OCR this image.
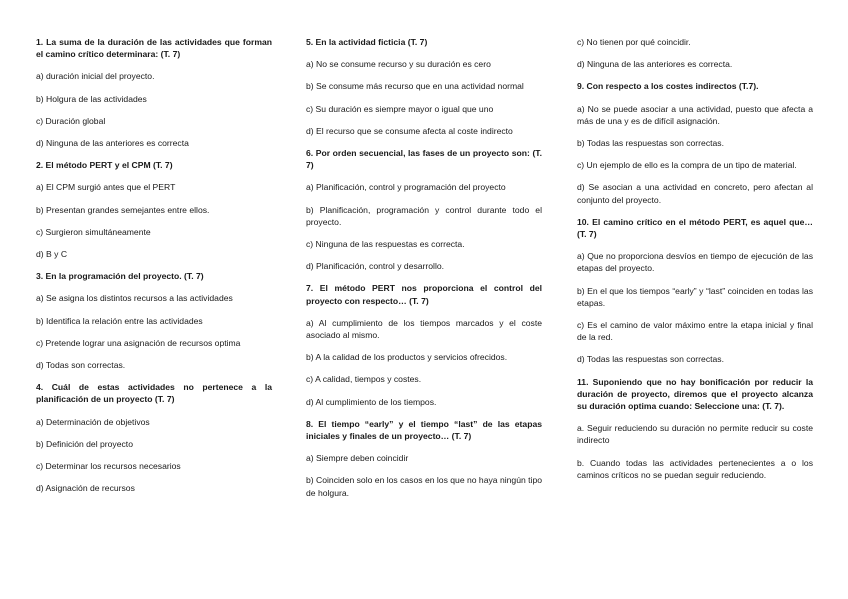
1. La suma de la duración de las actividades que forman el camino crítico determinara: (T. 7)

a) duración inicial del proyecto.

b) Holgura de las actividades

c) Duración global

d) Ninguna de las anteriores es correcta

2. El método PERT y el CPM (T. 7)

a) El CPM surgió antes que el PERT

b) Presentan grandes semejantes entre ellos.

c) Surgieron simultáneamente

d) B y C

3. En la programación del proyecto. (T. 7)

a) Se asigna los distintos recursos a las actividades

b) Identifica la relación entre las actividades

c) Pretende lograr una asignación de recursos optima

d) Todas son correctas.

4. Cuál de estas actividades no pertenece a la planificación de un proyecto (T. 7)

a) Determinación de objetivos

b) Definición del proyecto

c) Determinar los recursos necesarios

d) Asignación de recursos

5. En la actividad ficticia (T. 7)

a) No se consume recurso y su duración es cero

b) Se consume más recurso que en una actividad normal

c) Su duración es siempre mayor o igual que uno

d) El recurso que se consume afecta al coste indirecto

6. Por orden secuencial, las fases de un proyecto son: (T. 7)

a) Planificación, control y programación del proyecto

b) Planificación, programación y control durante todo el proyecto.

c) Ninguna de las respuestas es correcta.

d) Planificación, control y desarrollo.

7. El método PERT nos proporciona el control del proyecto con respecto… (T. 7)

a) Al cumplimiento de los tiempos marcados y el coste asociado al mismo.

b) A la calidad de los productos y servicios ofrecidos.

c) A calidad, tiempos y costes.

d) Al cumplimiento de los tiempos.

8. El tiempo “early” y el tiempo “last” de las etapas iniciales y finales de un proyecto… (T. 7)

a) Siempre deben coincidir

b) Coinciden solo en los casos en los que no haya ningún tipo de holgura.

c) No tienen por qué coincidir.

d) Ninguna de las anteriores es correcta.

9. Con respecto a los costes indirectos (T.7).

a) No se puede asociar a una actividad, puesto que afecta a más de una y es de difícil asignación.

b) Todas las respuestas son correctas.

c) Un ejemplo de ello es la compra de un tipo de material.

d) Se asocian a una actividad en concreto, pero afectan al conjunto del proyecto.

10. El camino crítico en el método PERT, es aquel que… (T. 7)

a) Que no proporciona desvíos en tiempo de ejecución de las etapas del proyecto.

b) En el que los tiempos “early” y “last” coinciden en todas las etapas.

c) Es el camino de valor máximo entre la etapa inicial y final de la red.

d) Todas las respuestas son correctas.

11. Suponiendo que no hay bonificación por reducir la duración de proyecto, diremos que el proyecto alcanza su duración optima cuando: Seleccione una: (T. 7).

a. Seguir reduciendo su duración no permite reducir su coste indirecto

b. Cuando todas las actividades pertenecientes a o los caminos críticos no se puedan seguir reduciendo.
